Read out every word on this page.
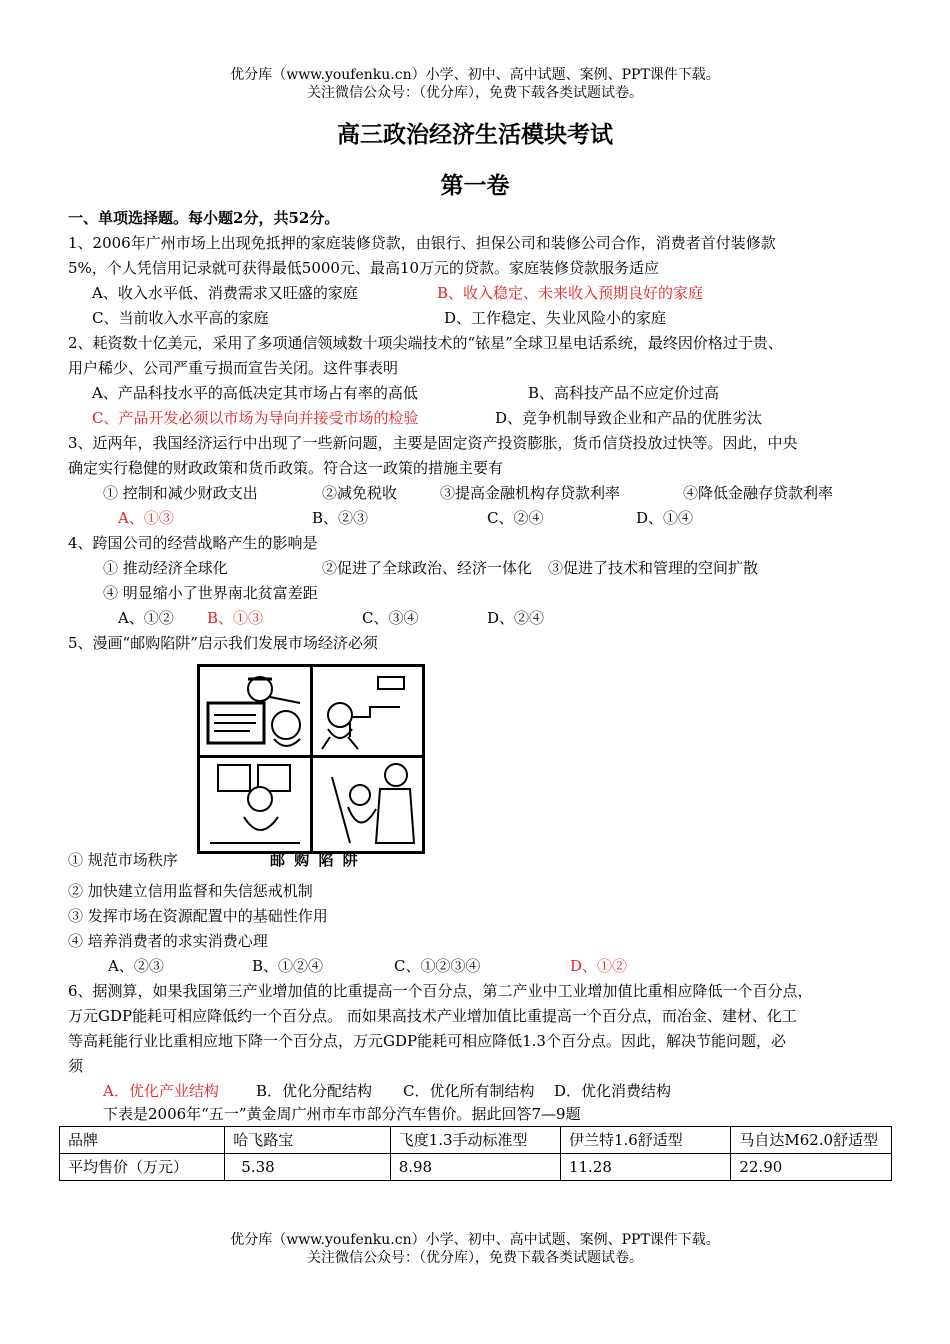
优分库（www.youfenku.cn）小学、初中、高中试题、案例、PPT课件下载。
关注微信公众号：（优分库），免费下载各类试题试卷。
高三政治经济生活模块考试
第一卷
一、单项选择题。每小题2分，共52分。
1、2006年广州市场上出现免抵押的家庭装修贷款，由银行、担保公司和装修公司合作，消费者首付装修款
5%，个人凭信用记录就可获得最低5000元、最高10万元的贷款。家庭装修贷款服务适应
A、收入水平低、消费需求又旺盛的家庭	B、收入稳定、未来收入预期良好的家庭
C、当前收入水平高的家庭	D、工作稳定、失业风险小的家庭
2、耗资数十亿美元，采用了多项通信领域数十项尖端技术的“铱星”全球卫星电话系统，最终因价格过于贵、
用户稀少、公司严重亏损而宣告关闭。这件事表明
A、产品科技水平的高低决定其市场占有率的高低	B、高科技产品不应定价过高
C、产品开发必须以市场为导向并接受市场的检验	D、竞争机制导致企业和产品的优胜劣汰
3、近两年，我国经济运行中出现了一些新问题，主要是固定资产投资膨胀，货币信贷投放过快等。因此，中央
确定实行稳健的财政政策和货币政策。符合这一政策的措施主要有
① 控制和减少财政支出	②减免税收	③提高金融机构存贷款利率	④降低金融存贷款利率
A、①③	B、②③	C、②④	D、①④
4、跨国公司的经营战略产生的影响是
① 推动经济全球化	②促进了全球政治、经济一体化 ③促进了技术和管理的空间扩散
④ 明显缩小了世界南北贫富差距
A、①② B、①③	C、③④	D、②④
5、漫画“邮购陷阱”启示我们发展市场经济必须
① 规范市场秩序	邮 购 陷 阱
② 加快建立信用监督和失信惩戒机制
③ 发挥市场在资源配置中的基础性作用
④ 培养消费者的求实消费心理
A、②③	B、①②④	C、①②③④	D、①②
6、据测算，如果我国第三产业增加值的比重提高一个百分点，第二产业中工业增加值比重相应降低一个百分点，
万元GDP能耗可相应降低约一个百分点。 而如果高技术产业增加值比重提高一个百分点，而冶金、建材、化工
等高耗能行业比重相应地下降一个百分点，万元GDP能耗可相应降低1.3个百分点。因此，解决节能问题，必
须
A．优化产业结构 B．优化分配结构 C．优化所有制结构 D．优化消费结构
下表是2006年“五一”黄金周广州市车市部分汽车售价。据此回答7—9题
品牌	哈飞路宝	飞度1.3手动标准型	伊兰特1.6舒适型	马自达M62.0舒适型
平均售价（万元）	5.38	8.98	11.28	22.90
优分库（www.youfenku.cn）小学、初中、高中试题、案例、PPT课件下载。
关注微信公众号：（优分库），免费下载各类试题试卷。
